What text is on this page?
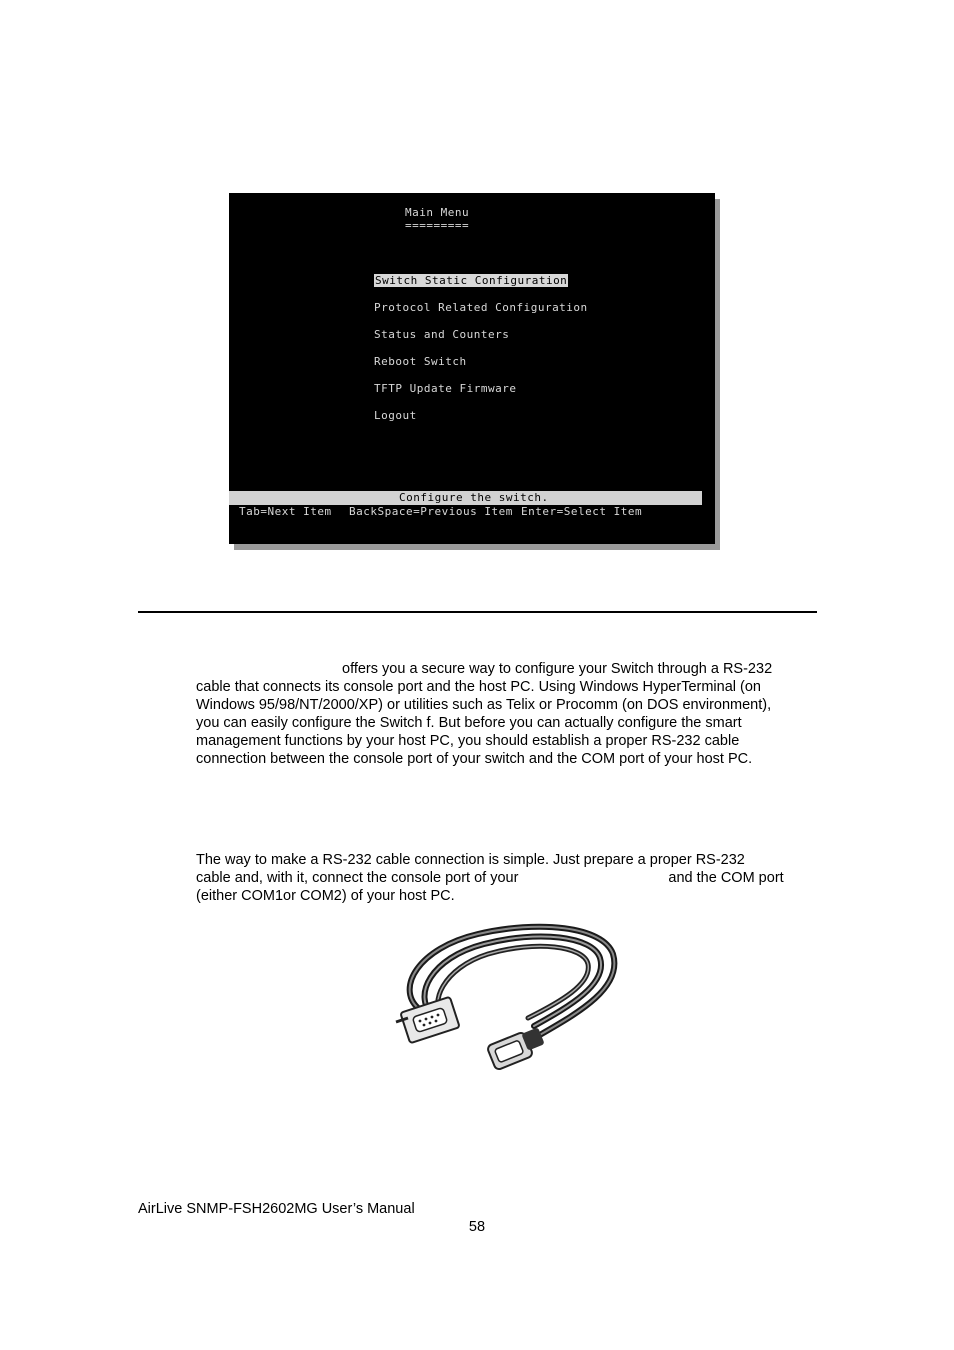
Main Menu
=========
Switch Static Configuration
Protocol Related Configuration
Status and Counters
Reboot Switch
TFTP Update Firmware
Logout
Configure the switch.
Tab=Next Item BackSpace=Previous Item Enter=Select Item

offers you a secure way to configure your Switch through a RS-232
cable that connects its console port and the host PC. Using Windows HyperTerminal (on
Windows 95/98/NT/2000/XP) or utilities such as Telix or Procomm (on DOS environment),
you can easily configure the Switch f. But before you can actually configure the smart
management functions by your host PC, you should establish a proper RS-232 cable
connection between the console port of your switch and the COM port of your host PC.

The way to make a RS-232 cable connection is simple. Just prepare a proper RS-232
cable and, with it, connect the console port of your	and the COM port
(either COM1or COM2) of your host PC.

AirLive SNMP-FSH2602MG User’s Manual
58
